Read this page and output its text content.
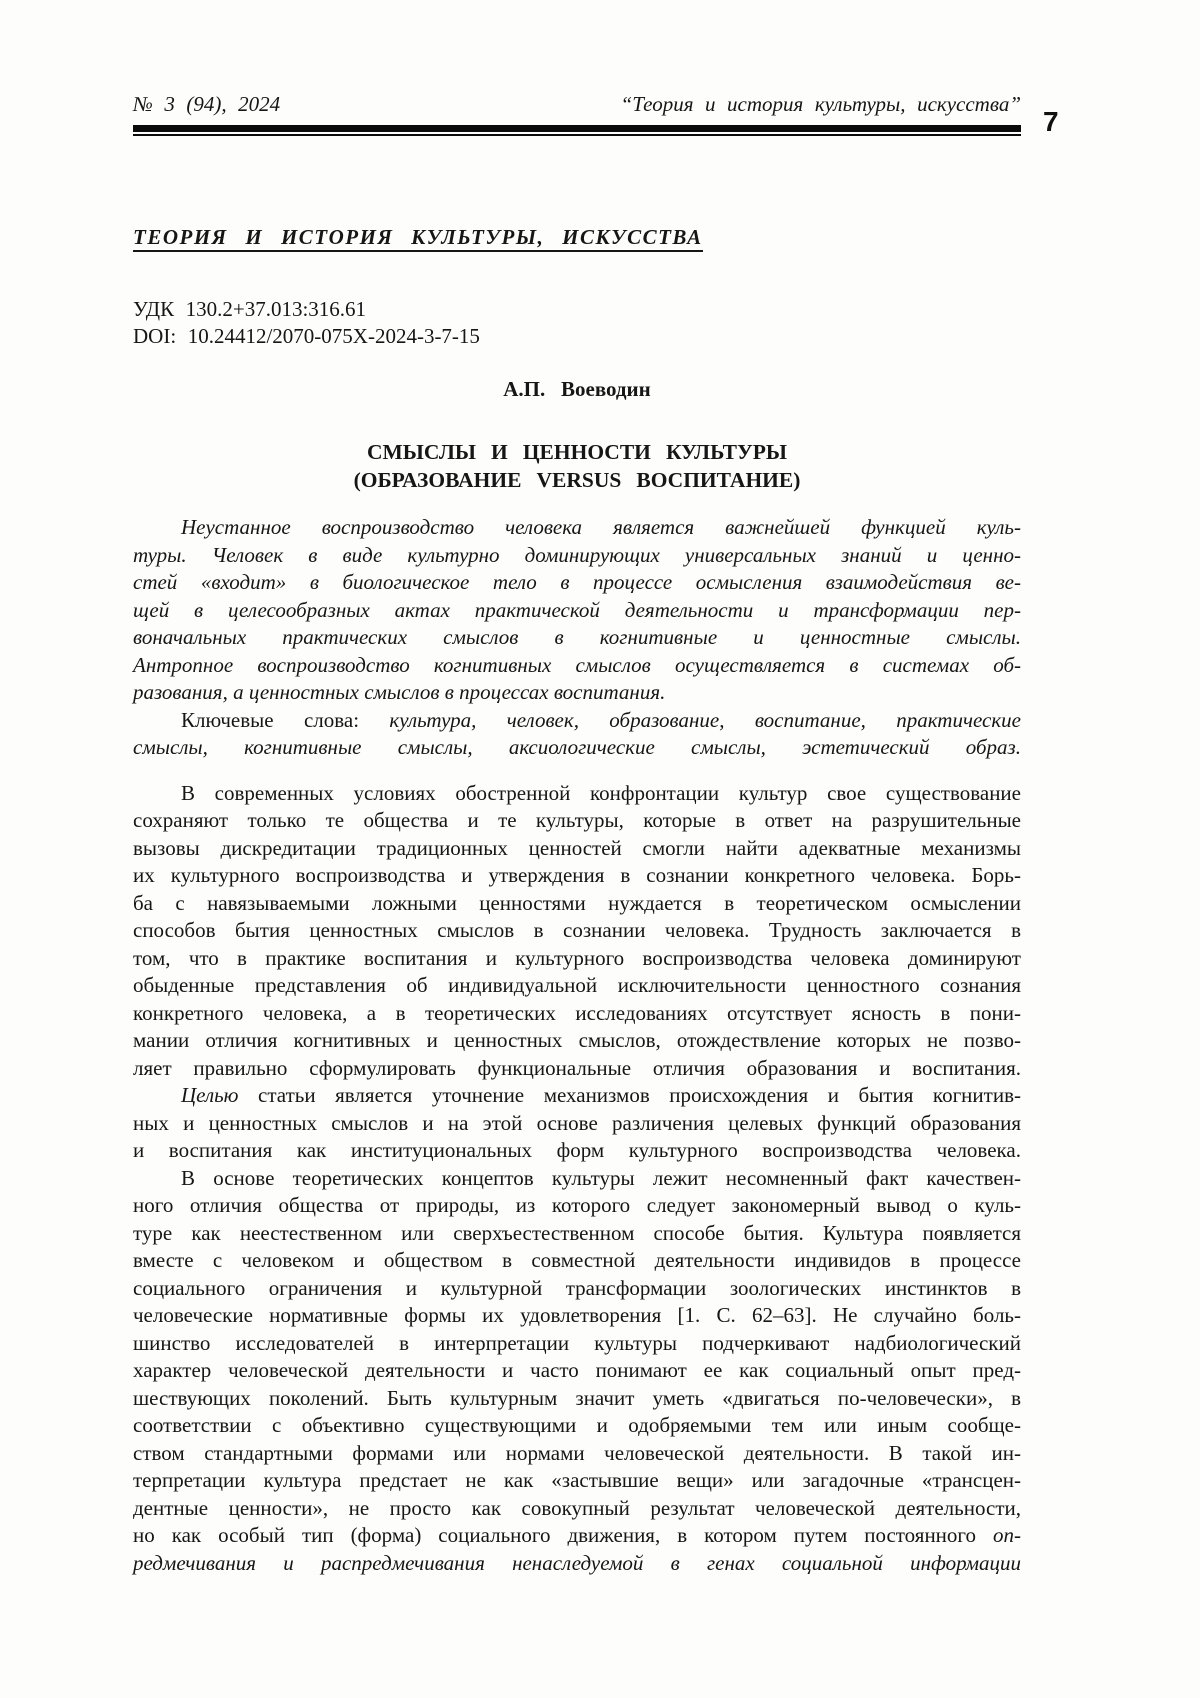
№ 3 (94), 2024	“Теория и история культуры, искусства”
ТЕОРИЯ И ИСТОРИЯ КУЛЬТУРЫ, ИСКУССТВА
УДК 130.2+37.013:316.61
DOI: 10.24412/2070-075X-2024-3-7-15
А.П. Воеводин
СМЫСЛЫ И ЦЕННОСТИ КУЛЬТУРЫ
(ОБРАЗОВАНИЕ VERSUS ВОСПИТАНИЕ)
Неустанное воспроизводство человека является важнейшей функцией куль-
туры. Человек в виде культурно доминирующих универсальных знаний и ценно-
стей «входит» в биологическое тело в процессе осмысления взаимодействия ве-
щей в целесообразных актах практической деятельности и трансформации пер-
воначальных практических смыслов в когнитивные и ценностные смыслы.
Антропное воспроизводство когнитивных смыслов осуществляется в системах об-
разования, а ценностных смыслов в процессах воспитания.
Ключевые слова: культура, человек, образование, воспитание, практические
смыслы, когнитивные смыслы, аксиологические смыслы, эстетический образ.
В современных условиях обостренной конфронтации культур свое существование
сохраняют только те общества и те культуры, которые в ответ на разрушительные
вызовы дискредитации традиционных ценностей смогли найти адекватные механизмы
их культурного воспроизводства и утверждения в сознании конкретного человека. Борь-
ба с навязываемыми ложными ценностями нуждается в теоретическом осмыслении
способов бытия ценностных смыслов в сознании человека. Трудность заключается в
том, что в практике воспитания и культурного воспроизводства человека доминируют
обыденные представления об индивидуальной исключительности ценностного сознания
конкретного человека, а в теоретических исследованиях отсутствует ясность в пони-
мании отличия когнитивных и ценностных смыслов, отождествление которых не позво-
ляет правильно сформулировать функциональные отличия образования и воспитания.
Целью статьи является уточнение механизмов происхождения и бытия когнитив-
ных и ценностных смыслов и на этой основе различения целевых функций образования
и воспитания как институциональных форм культурного воспроизводства человека.
В основе теоретических концептов культуры лежит несомненный факт качествен-
ного отличия общества от природы, из которого следует закономерный вывод о куль-
туре как неестественном или сверхъестественном способе бытия. Культура появляется
вместе с человеком и обществом в совместной деятельности индивидов в процессе
социального ограничения и культурной трансформации зоологических инстинктов в
человеческие нормативные формы их удовлетворения [1. С. 62–63]. Не случайно боль-
шинство исследователей в интерпретации культуры подчеркивают надбиологический
характер человеческой деятельности и часто понимают ее как социальный опыт пред-
шествующих поколений. Быть культурным значит уметь «двигаться по-человечески», в
соответствии с объективно существующими и одобряемыми тем или иным сообще-
ством стандартными формами или нормами человеческой деятельности. В такой ин-
терпретации культура предстает не как «застывшие вещи» или загадочные «трансцен-
дентные ценности», не просто как совокупный результат человеческой деятельности,
но как особый тип (форма) социального движения, в котором путем постоянного оп-
редмечивания и распредмечивания ненаследуемой в генах социальной информации
7
